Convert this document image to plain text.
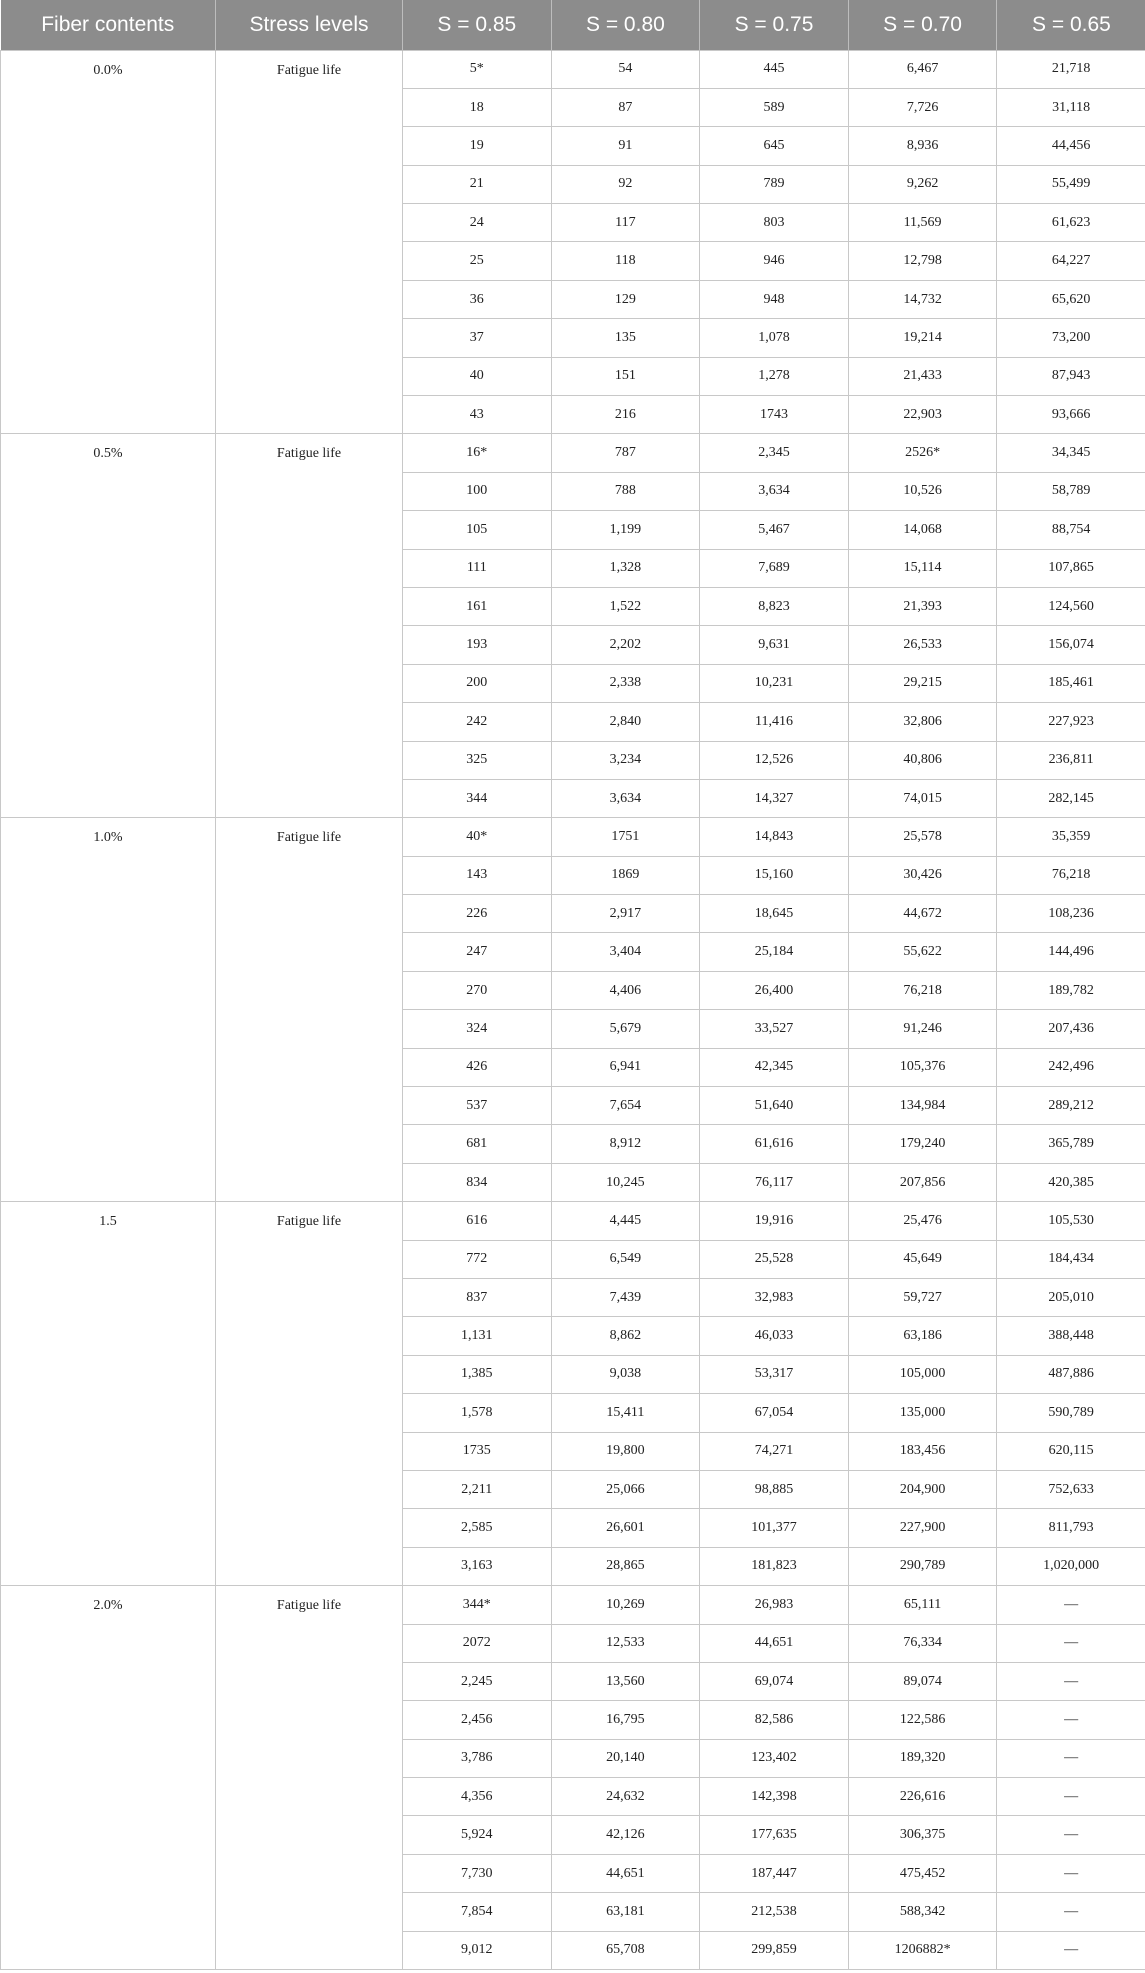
Fiber contents	Stress levels	S = 0.85	S = 0.80	S = 0.75	S = 0.70	S = 0.65
0.0%	Fatigue life	5*	54	445	6,467	21,718
		18	87	589	7,726	31,118
		19	91	645	8,936	44,456
		21	92	789	9,262	55,499
		24	117	803	11,569	61,623
		25	118	946	12,798	64,227
		36	129	948	14,732	65,620
		37	135	1,078	19,214	73,200
		40	151	1,278	21,433	87,943
		43	216	1743	22,903	93,666
0.5%	Fatigue life	16*	787	2,345	2526*	34,345
		100	788	3,634	10,526	58,789
		105	1,199	5,467	14,068	88,754
		111	1,328	7,689	15,114	107,865
		161	1,522	8,823	21,393	124,560
		193	2,202	9,631	26,533	156,074
		200	2,338	10,231	29,215	185,461
		242	2,840	11,416	32,806	227,923
		325	3,234	12,526	40,806	236,811
		344	3,634	14,327	74,015	282,145
1.0%	Fatigue life	40*	1751	14,843	25,578	35,359
		143	1869	15,160	30,426	76,218
		226	2,917	18,645	44,672	108,236
		247	3,404	25,184	55,622	144,496
		270	4,406	26,400	76,218	189,782
		324	5,679	33,527	91,246	207,436
		426	6,941	42,345	105,376	242,496
		537	7,654	51,640	134,984	289,212
		681	8,912	61,616	179,240	365,789
		834	10,245	76,117	207,856	420,385
1.5	Fatigue life	616	4,445	19,916	25,476	105,530
		772	6,549	25,528	45,649	184,434
		837	7,439	32,983	59,727	205,010
		1,131	8,862	46,033	63,186	388,448
		1,385	9,038	53,317	105,000	487,886
		1,578	15,411	67,054	135,000	590,789
		1735	19,800	74,271	183,456	620,115
		2,211	25,066	98,885	204,900	752,633
		2,585	26,601	101,377	227,900	811,793
		3,163	28,865	181,823	290,789	1,020,000
2.0%	Fatigue life	344*	10,269	26,983	65,111	—
		2072	12,533	44,651	76,334	—
		2,245	13,560	69,074	89,074	—
		2,456	16,795	82,586	122,586	—
		3,786	20,140	123,402	189,320	—
		4,356	24,632	142,398	226,616	—
		5,924	42,126	177,635	306,375	—
		7,730	44,651	187,447	475,452	—
		7,854	63,181	212,538	588,342	—
		9,012	65,708	299,859	1206882*	—
